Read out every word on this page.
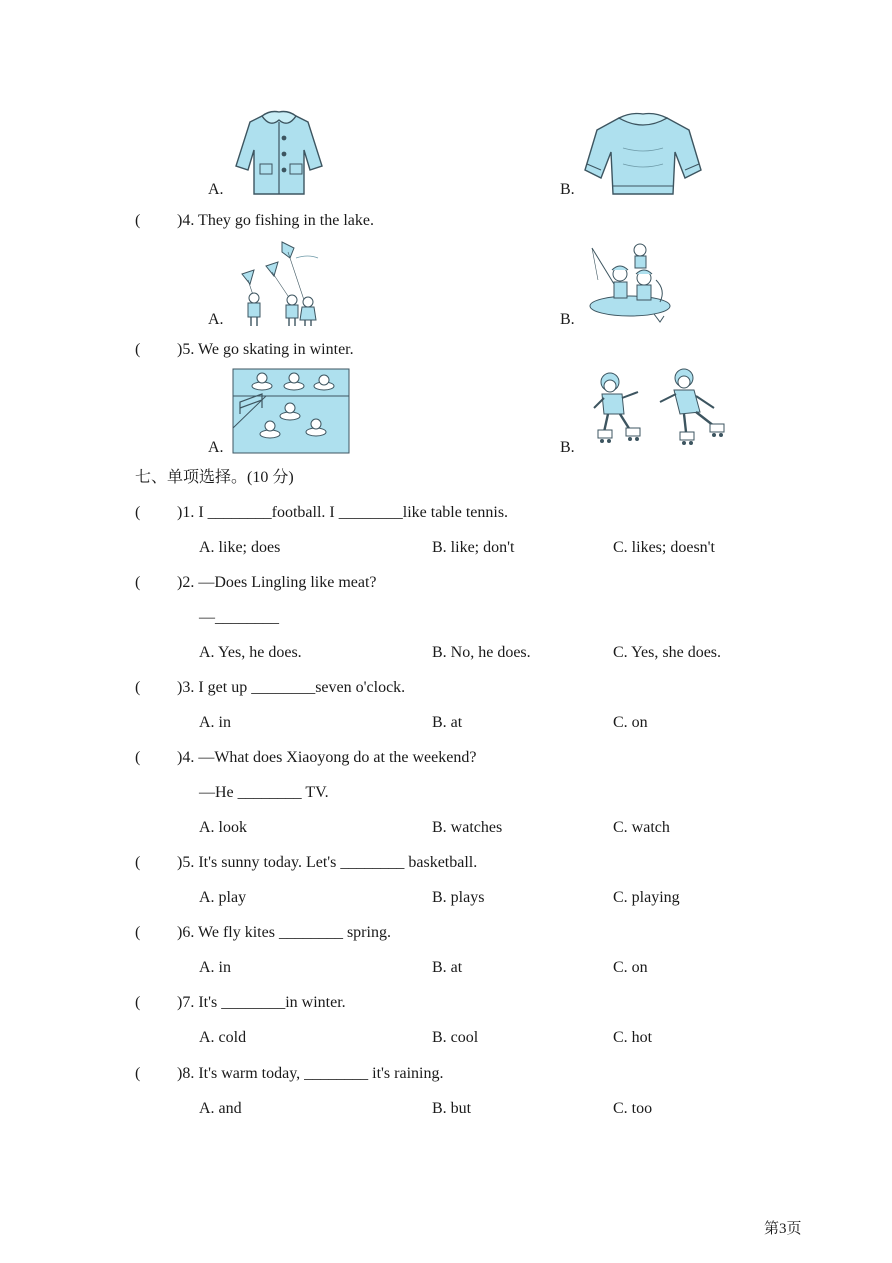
A.	B.
( )4. They go fishing in the lake.
A.	B.
( )5. We go skating in winter.
A.	B.
七、单项选择。(10 分)
( )1. I ________football. I ________like table tennis.
A. like; does	B. like; don't	C. likes; doesn't
( )2. —Does Lingling like meat?
—________
A. Yes, he does.	B. No, he does.	C. Yes, she does.
( )3. I get up ________seven o'clock.
A. in	B. at	C. on
( )4. —What does Xiaoyong do at the weekend?
—He ________ TV.
A. look	B. watches	C. watch
( )5. It's sunny today. Let's ________ basketball.
A. play	B. plays	C. playing
( )6. We fly kites ________ spring.
A. in	B. at	C. on
( )7. It's ________in winter.
A. cold	B. cool	C. hot
( )8. It's warm today, ________ it's raining.
A. and	B. but	C. too
第3页
